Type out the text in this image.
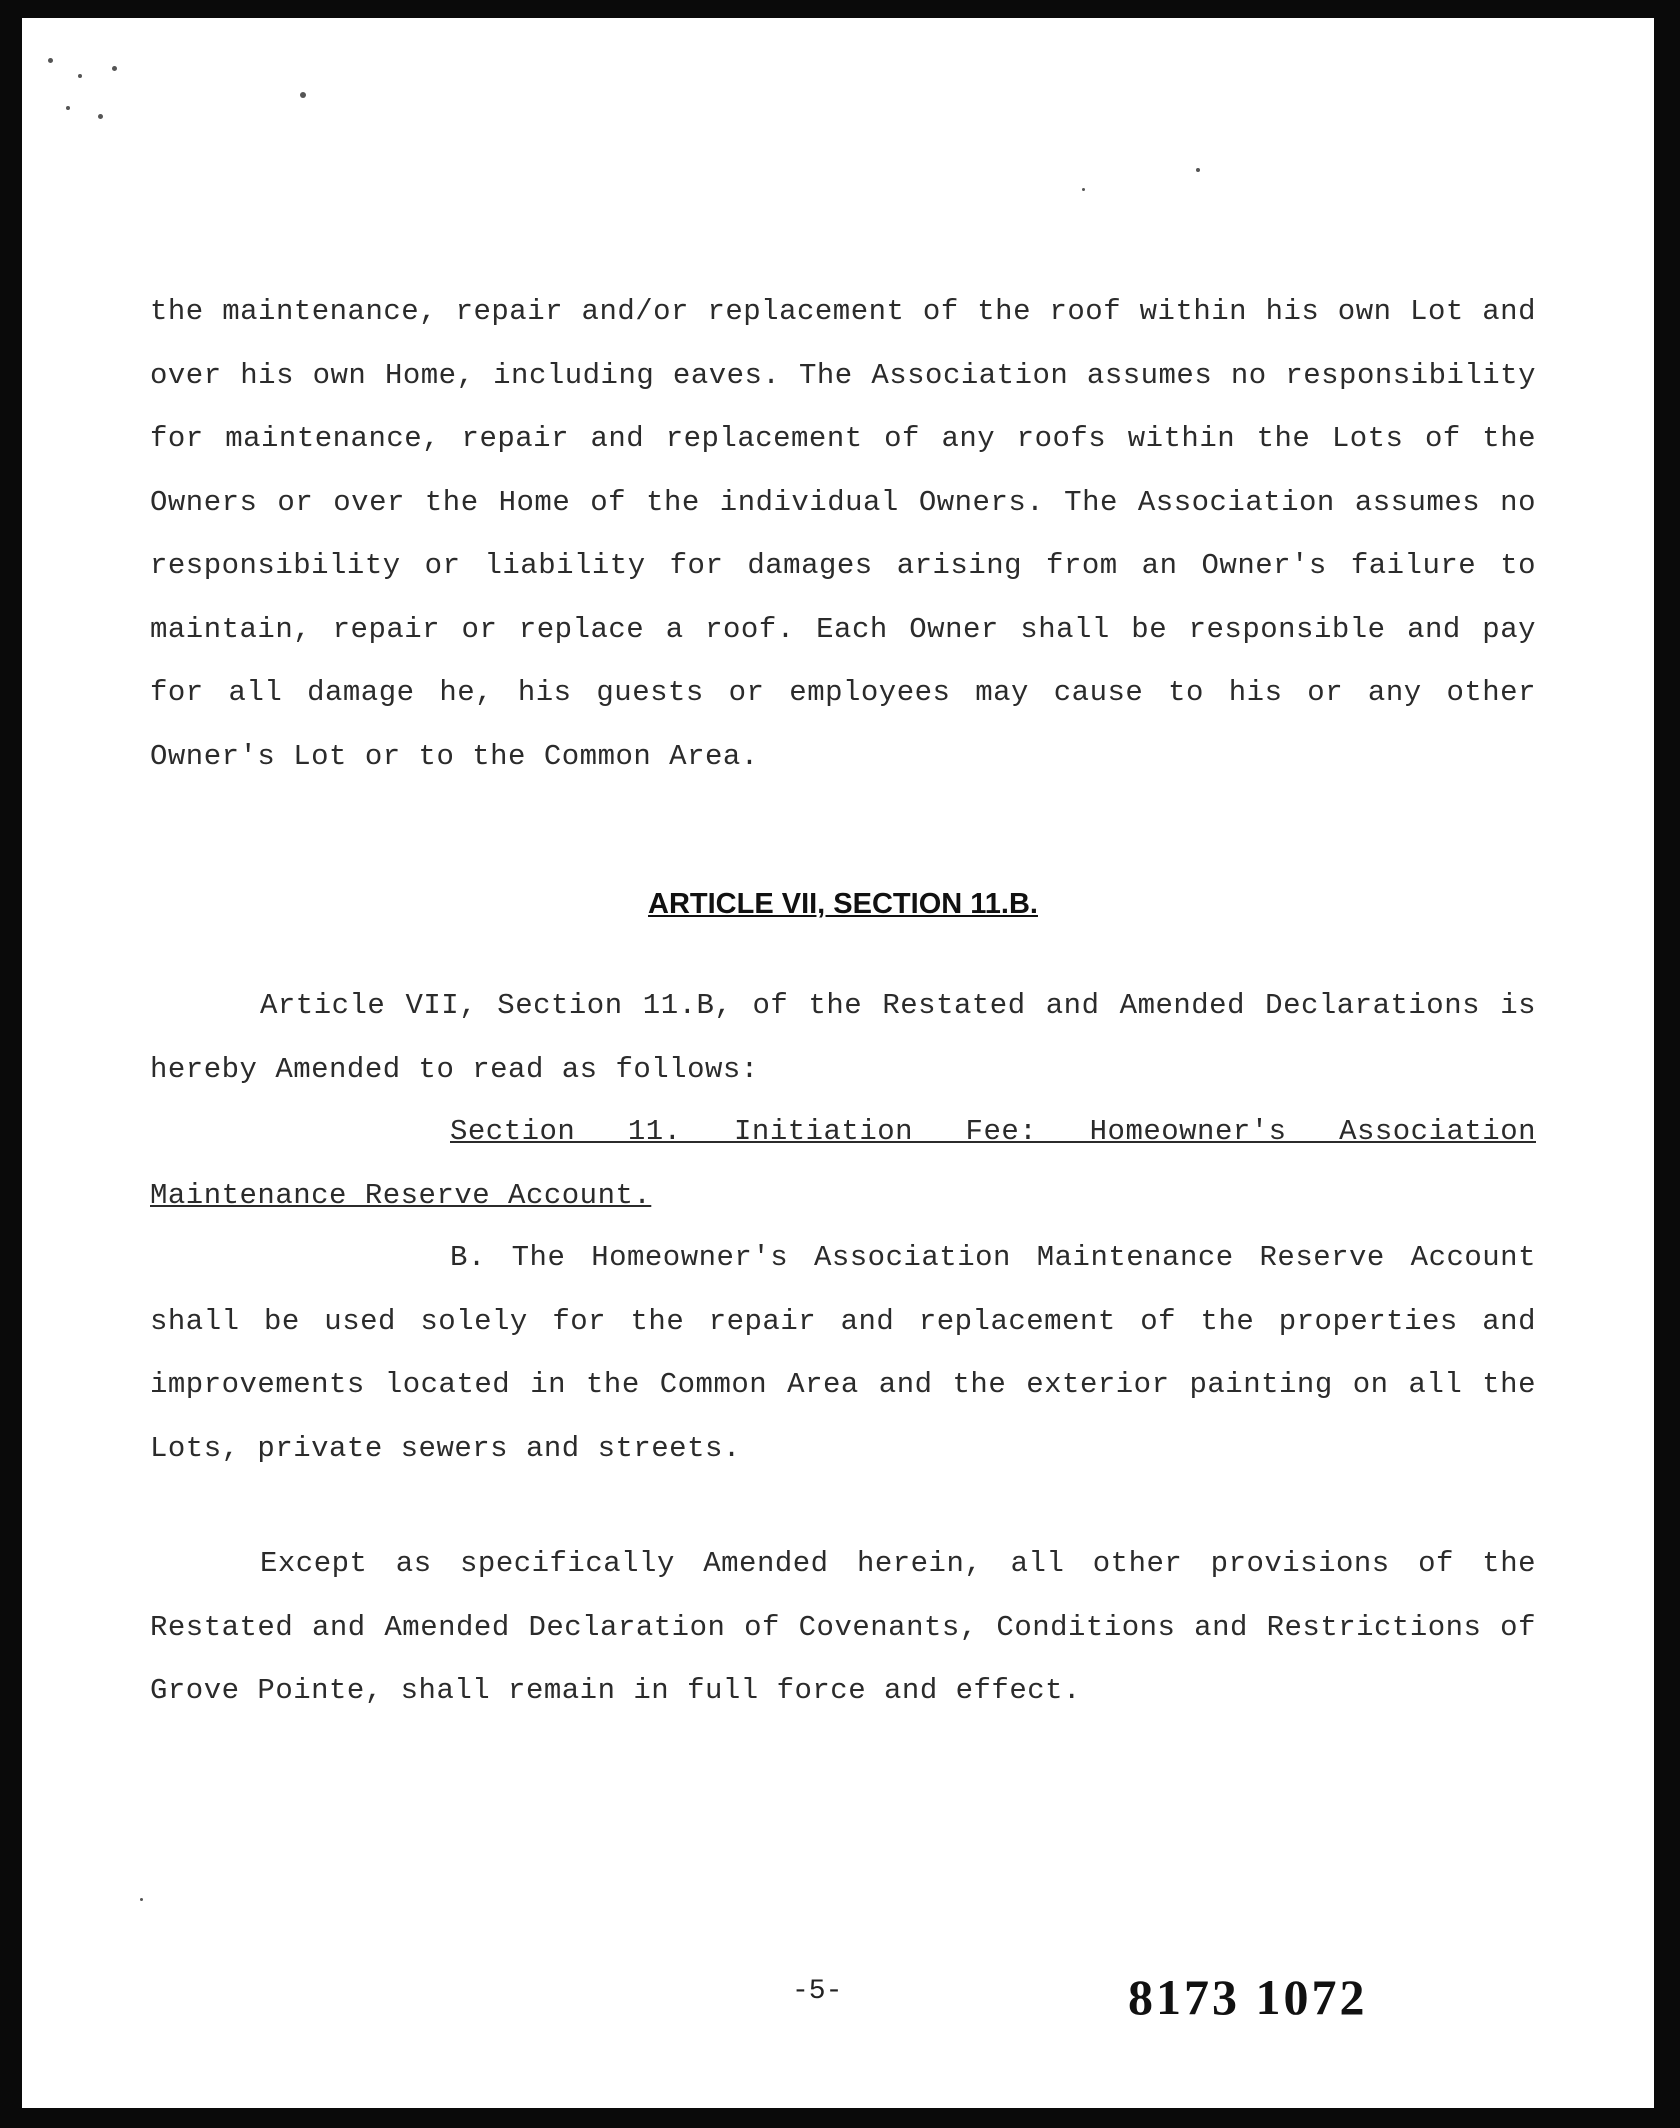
the maintenance, repair and/or replacement of the roof within his own Lot and over his own Home, including eaves. The Association assumes no responsibility for maintenance, repair and replacement of any roofs within the Lots of the Owners or over the Home of the individual Owners. The Association assumes no responsibility or liability for damages arising from an Owner's failure to maintain, repair or replace a roof. Each Owner shall be responsible and pay for all damage he, his guests or employees may cause to his or any other Owner's Lot or to the Common Area.

ARTICLE VII, SECTION 11.B.

Article VII, Section 11.B, of the Restated and Amended Declarations is hereby Amended to read as follows:

Section 11. Initiation Fee: Homeowner's Association Maintenance Reserve Account.

B. The Homeowner's Association Maintenance Reserve Account shall be used solely for the repair and replacement of the properties and improvements located in the Common Area and the exterior painting on all the Lots, private sewers and streets.

Except as specifically Amended herein, all other provisions of the Restated and Amended Declaration of Covenants, Conditions and Restrictions of Grove Pointe, shall remain in full force and effect.

-5-	8173 1072
